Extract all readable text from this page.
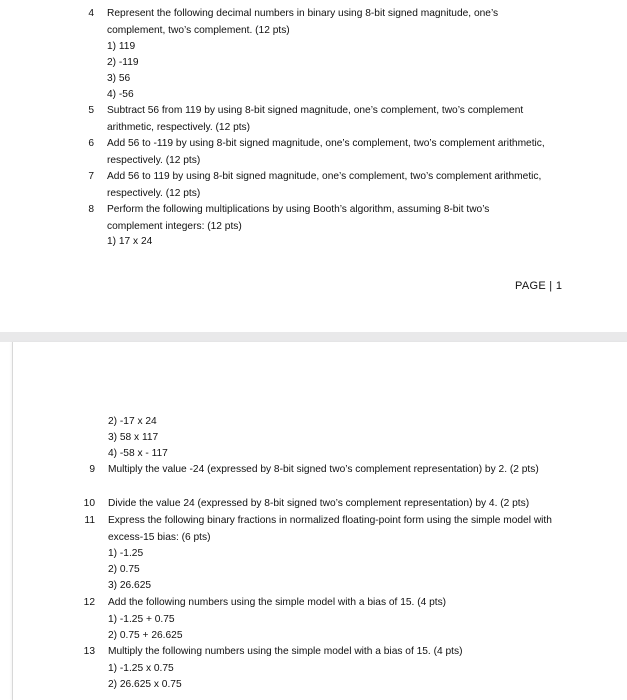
4 Represent the following decimal numbers in binary using 8-bit signed magnitude, one’s complement, two’s complement. (12 pts)
1) 119
2) -119
3) 56
4) -56
5 Subtract 56 from 119 by using 8-bit signed magnitude, one’s complement, two’s complement arithmetic, respectively. (12 pts)
6 Add 56 to -119 by using 8-bit signed magnitude, one’s complement, two’s complement arithmetic, respectively. (12 pts)
7 Add 56 to 119 by using 8-bit signed magnitude, one’s complement, two’s complement arithmetic, respectively. (12 pts)
8 Perform the following multiplications by using Booth’s algorithm, assuming 8-bit two’s complement integers: (12 pts)
1) 17 x 24
PAGE | 1
2) -17 x 24
3) 58 x 117
4) -58 x - 117
9 Multiply the value -24 (expressed by 8-bit signed two’s complement representation) by 2. (2 pts)
10 Divide the value 24 (expressed by 8-bit signed two’s complement representation) by 4. (2 pts)
11 Express the following binary fractions in normalized floating-point form using the simple model with excess-15 bias: (6 pts)
1) -1.25
2) 0.75
3) 26.625
12 Add the following numbers using the simple model with a bias of 15. (4 pts)
1) -1.25 + 0.75
2) 0.75 + 26.625
13 Multiply the following numbers using the simple model with a bias of 15. (4 pts)
1) -1.25 x 0.75
2) 26.625 x 0.75
